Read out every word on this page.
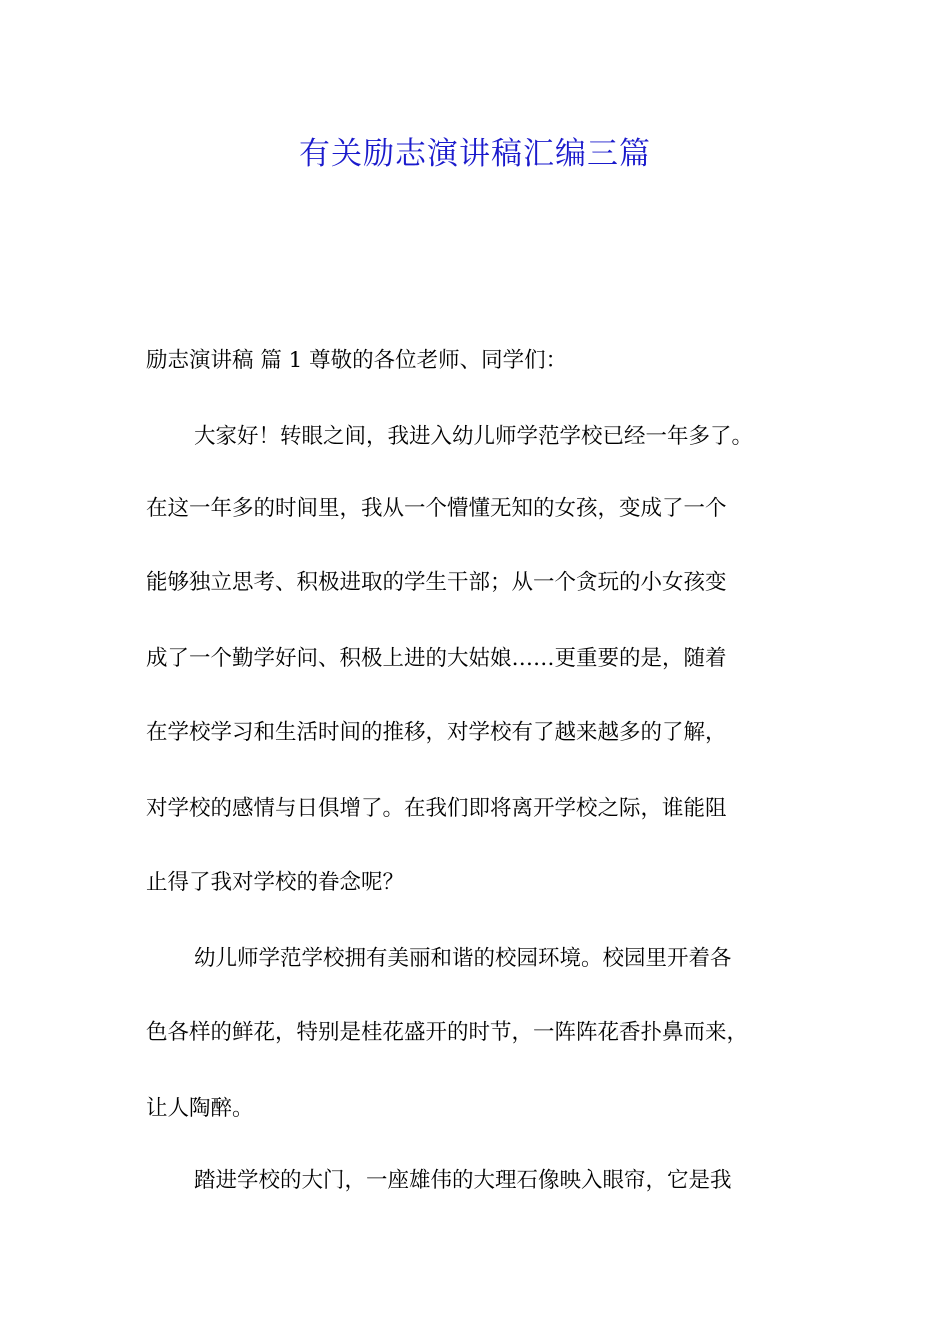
有关励志演讲稿汇编三篇

励志演讲稿 篇 1 尊敬的各位老师、同学们：

大家好！转眼之间，我进入幼儿师学范学校已经一年多了。

在这一年多的时间里，我从一个懵懂无知的女孩，变成了一个

能够独立思考、积极进取的学生干部；从一个贪玩的小女孩变

成了一个勤学好问、积极上进的大姑娘……更重要的是，随着

在学校学习和生活时间的推移，对学校有了越来越多的了解，

对学校的感情与日俱增了。在我们即将离开学校之际，谁能阻

止得了我对学校的眷念呢？

幼儿师学范学校拥有美丽和谐的校园环境。校园里开着各

色各样的鲜花，特别是桂花盛开的时节，一阵阵花香扑鼻而来，

让人陶醉。

踏进学校的大门，一座雄伟的大理石像映入眼帘，它是我
